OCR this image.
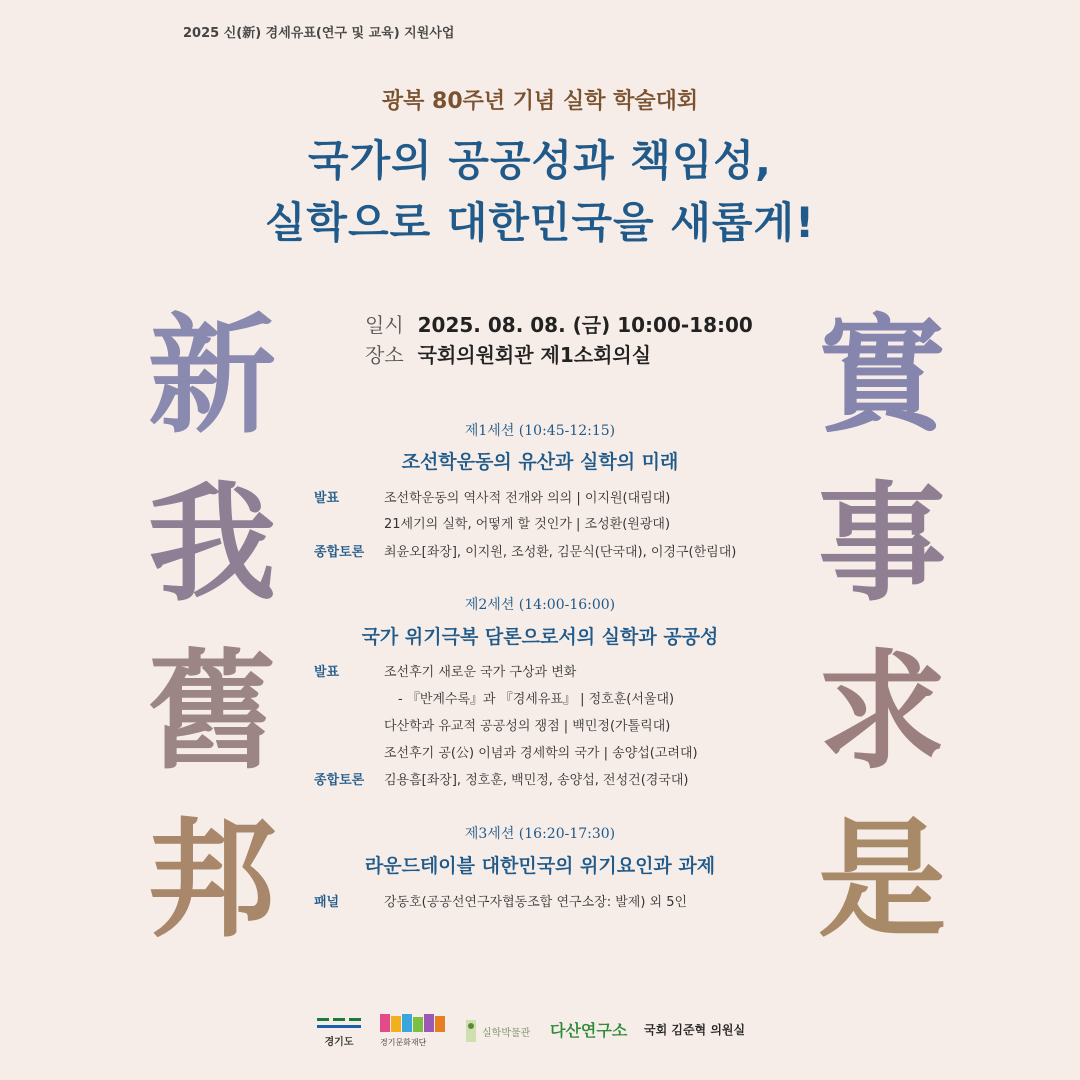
2025 신(新) 경세유표(연구 및 교육) 지원사업
광복 80주년 기념 실학 학술대회
국가의 공공성과 책임성,
실학으로 대한민국을 새롭게!
新
我
舊
邦
實
事
求
是
일시 2025. 08. 08. (금) 10:00-18:00
장소 국회의원회관 제1소회의실
제1세션 (10:45-12:15)
조선학운동의 유산과 실학의 미래
발표	조선학운동의 역사적 전개와 의의 | 이지원(대림대)
21세기의 실학, 어떻게 할 것인가 | 조성환(원광대)
종합토론 최윤오[좌장], 이지원, 조성환, 김문식(단국대), 이경구(한림대)
제2세션 (14:00-16:00)
국가 위기극복 담론으로서의 실학과 공공성
발표	조선후기 새로운 국가 구상과 변화
- 『반계수록』과 『경세유표』 | 정호훈(서울대)
다산학과 유교적 공공성의 쟁점 | 백민정(가톨릭대)
조선후기 공(公) 이념과 경세학의 국가 | 송양섭(고려대)
종합토론 김용흠[좌장], 정호훈, 백민정, 송양섭, 전성건(경국대)
제3세션 (16:20-17:30)
라운드테이블 대한민국의 위기요인과 과제
패널	강동호(공공선연구자협동조합 연구소장: 발제) 외 5인
경기도	경기문화재단
실학박물관 다산연구소 국회 김준혁 의원실
